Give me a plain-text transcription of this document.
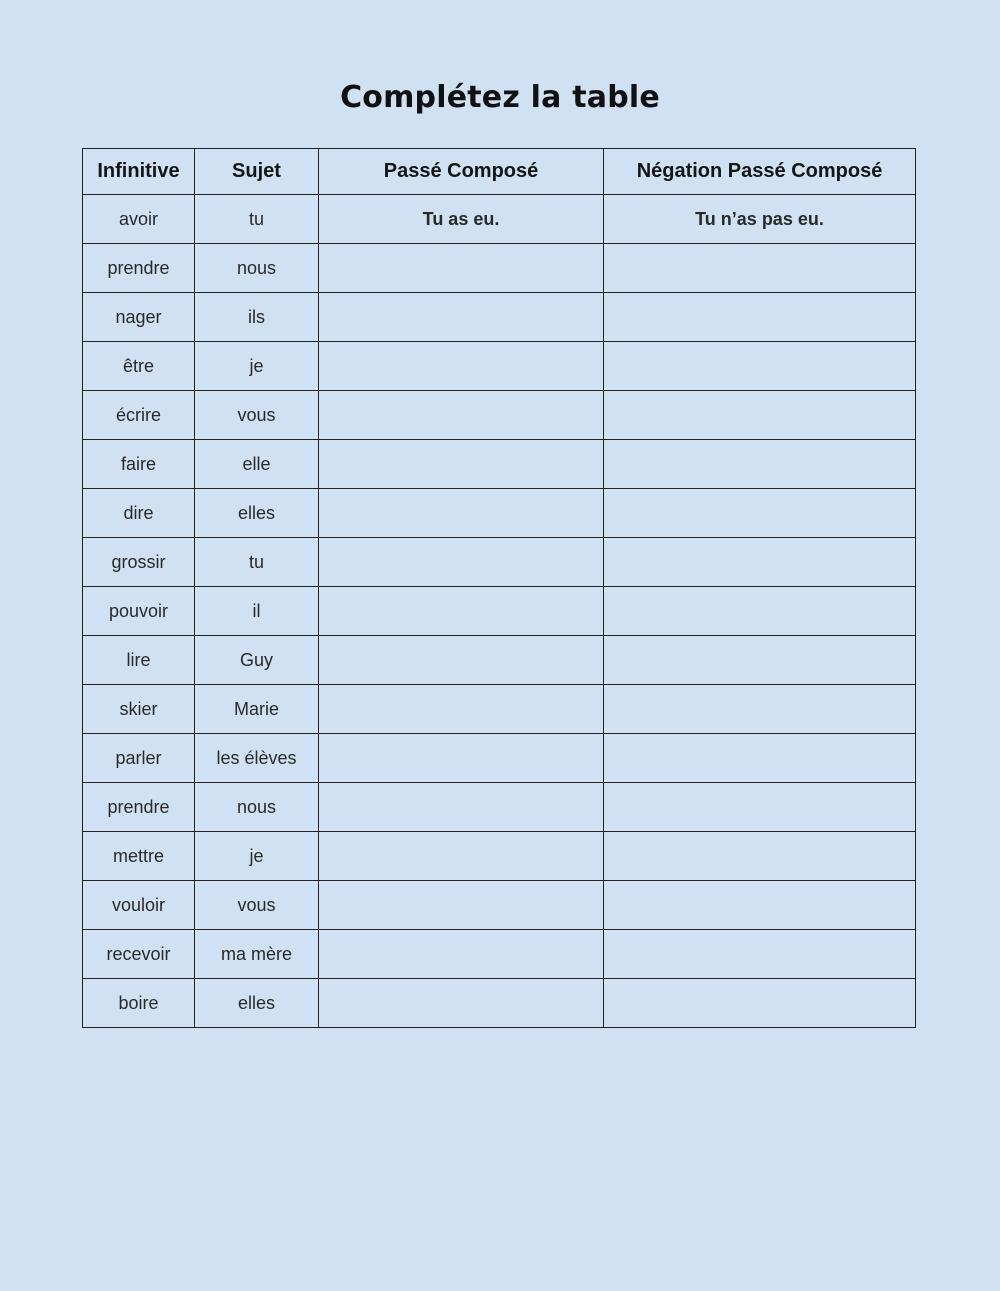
Complétez la table
Infinitive	Sujet	Passé Composé	Négation Passé Composé
avoir	tu	Tu as eu.	Tu n’as pas eu.
prendre	nous		
nager	ils		
être	je		
écrire	vous		
faire	elle		
dire	elles		
grossir	tu		
pouvoir	il		
lire	Guy		
skier	Marie		
parler	les élèves		
prendre	nous		
mettre	je		
vouloir	vous		
recevoir	ma mère		
boire	elles		
